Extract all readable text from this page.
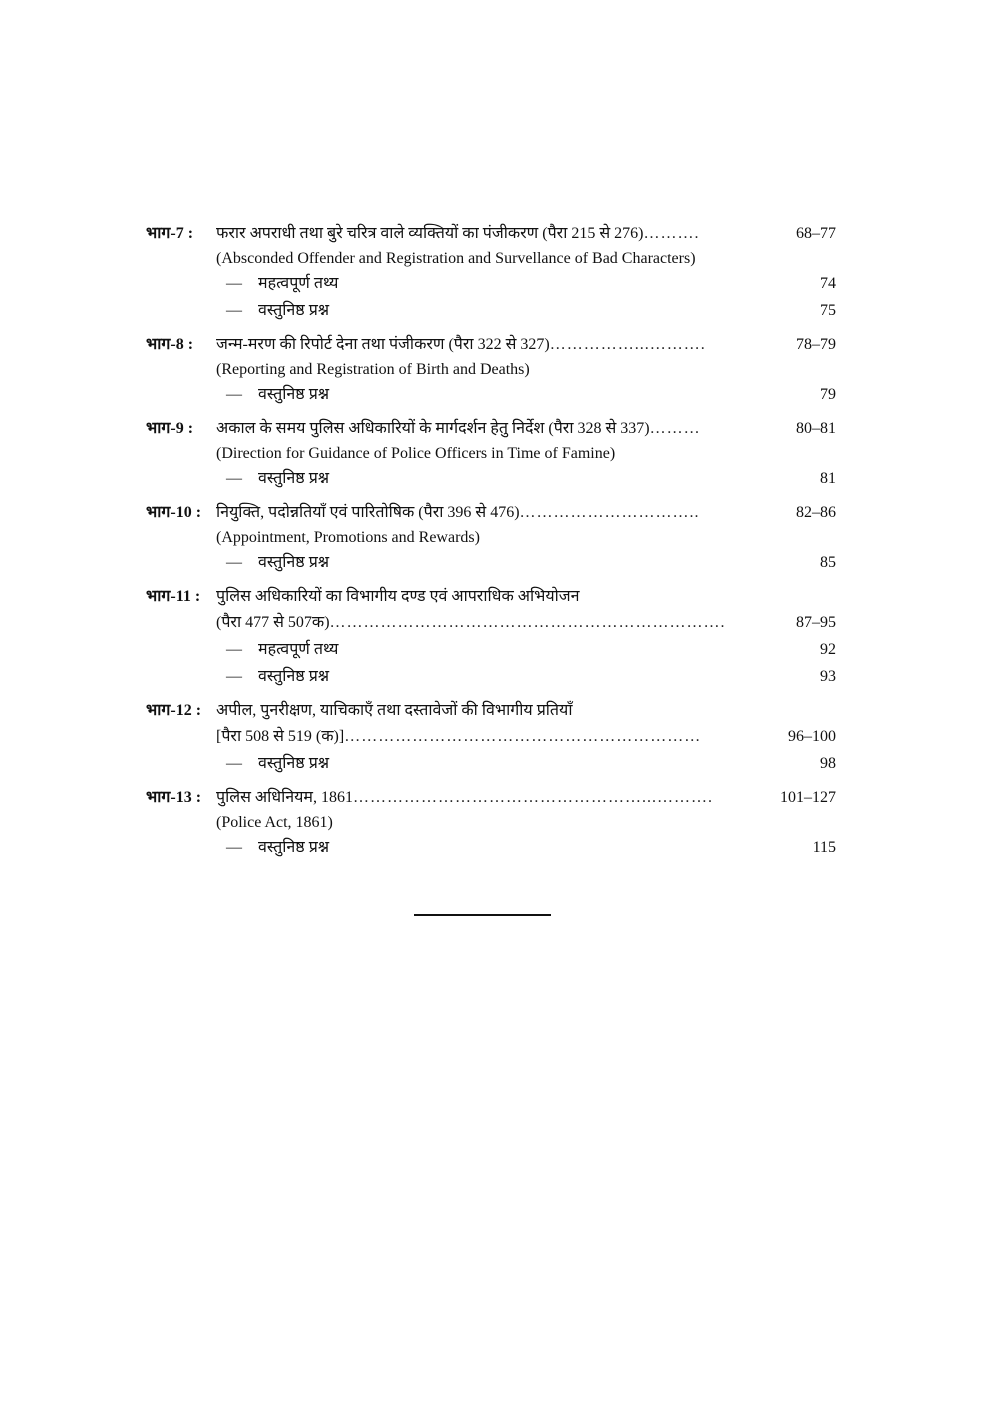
भाग-7 : फरार अपराधी तथा बुरे चरित्र वाले व्यक्तियों का पंजीकरण (पैरा 215 से 276) ……….	68–77
(Absconded Offender and Registration and Survellance of Bad Characters)
— महत्वपूर्ण तथ्य	74
— वस्तुनिष्ठ प्रश्न	75
भाग-8 : जन्म-मरण की रिपोर्ट देना तथा पंजीकरण (पैरा 322 से 327) ……………...……….	78–79
(Reporting and Registration of Birth and Deaths)
— वस्तुनिष्ठ प्रश्न	79
भाग-9 : अकाल के समय पुलिस अधिकारियों के मार्गदर्शन हेतु निर्देश (पैरा 328 से 337) ………	80–81
(Direction for Guidance of Police Officers in Time of Famine)
— वस्तुनिष्ठ प्रश्न	81
भाग-10 : नियुक्ति, पदोन्नतियाँ एवं पारितोषिक (पैरा 396 से 476) …………………………..	82–86
(Appointment, Promotions and Rewards)
— वस्तुनिष्ठ प्रश्न	85
भाग-11 : पुलिस अधिकारियों का विभागीय दण्ड एवं आपराधिक अभियोजन
(पैरा 477 से 507क) …………………………………………………………….	87–95
— महत्वपूर्ण तथ्य	92
— वस्तुनिष्ठ प्रश्न	93
भाग-12 : अपील, पुनरीक्षण, याचिकाएँ तथा दस्तावेजों की विभागीय प्रतियाँ
[पैरा 508 से 519 (क)] ………………………………………………………	96–100
— वस्तुनिष्ठ प्रश्न	98
भाग-13 : पुलिस अधिनियम, 1861 ……………………………………………...……….	101–127
(Police Act, 1861)
— वस्तुनिष्ठ प्रश्न	115
